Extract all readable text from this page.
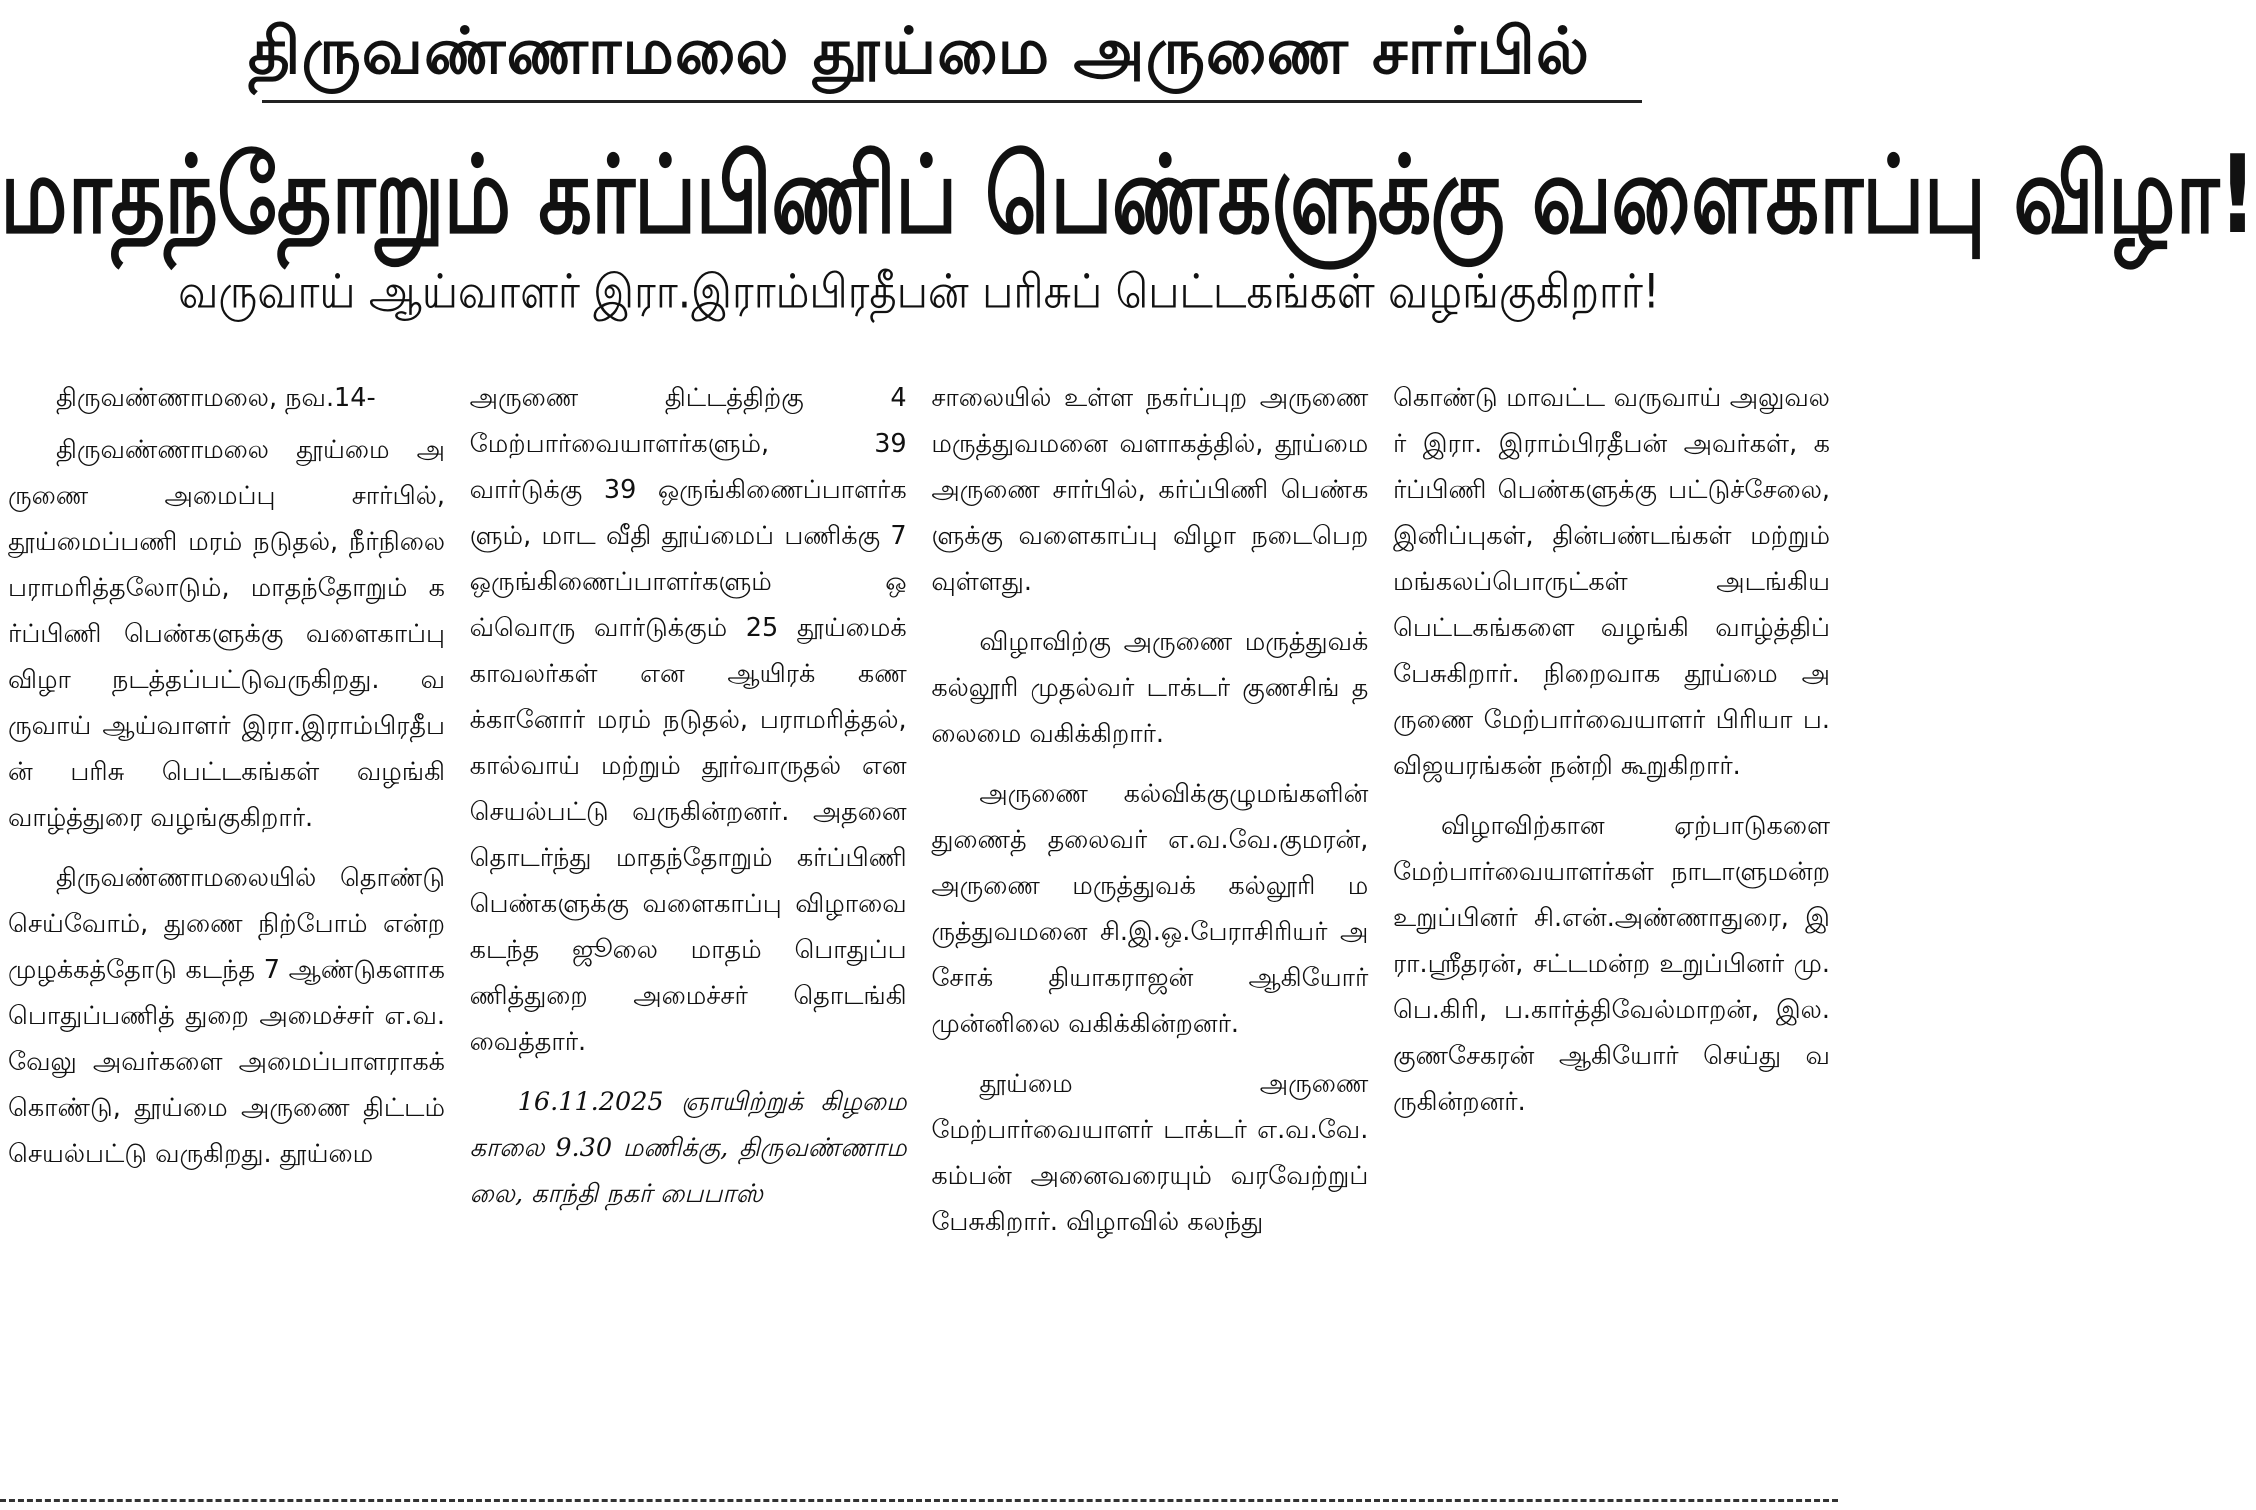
திருவண்ணாமலை தூய்மை அருணை சார்பில்
மாதந்தோறும் கர்ப்பிணிப் பெண்களுக்கு வளைகாப்பு விழா!
வருவாய் ஆய்வாளர் இரா.இராம்பிரதீபன் பரிசுப் பெட்டகங்கள் வழங்குகிறார்!

திருவண்ணாமலை, நவ.14-

திருவண்ணாமலை தூய்மை அருணை அமைப்பு சார்பில், தூய்மைப்பணி மரம் நடுதல், நீர்நிலை பராமரித்தலோடும், மாதந்தோறும் கர்ப்பிணி பெண்களுக்கு வளைகாப்பு விழா நடத்தப்பட்டுவருகிறது. வருவாய் ஆய்வாளர் இரா.இராம்பிரதீபன் பரிசு பெட்டகங்கள் வழங்கி வாழ்த்துரை வழங்குகிறார்.

திருவண்ணாமலையில் தொண்டு செய்வோம், துணை நிற்போம் என்ற முழக்கத்தோடு கடந்த 7 ஆண்டுகளாக பொதுப்பணித் துறை அமைச்சர் எ.வ.வேலு அவர்களை அமைப்பாளராகக் கொண்டு, தூய்மை அருணை திட்டம் செயல்பட்டு வருகிறது. தூய்மை

அருணை திட்டத்திற்கு 4 மேற்பார்வையாளர்களும், 39 வார்டுக்கு 39 ஒருங்கிணைப்பாளர்களும், மாட வீதி தூய்மைப் பணிக்கு 7 ஒருங்கிணைப்பாளர்களும் ஒவ்வொரு வார்டுக்கும் 25 தூய்மைக் காவலர்கள் என ஆயிரக் கணக்கானோர் மரம் நடுதல், பராமரித்தல், கால்வாய் மற்றும் தூர்வாருதல் என செயல்பட்டு வருகின்றனர். அதனை தொடர்ந்து மாதந்தோறும் கர்ப்பிணி பெண்களுக்கு வளைகாப்பு விழாவை கடந்த ஜூலை மாதம் பொதுப்பணித்துறை அமைச்சர் தொடங்கி வைத்தார்.

16.11.2025 ஞாயிற்றுக் கிழமை காலை 9.30 மணிக்கு, திருவண்ணாமலை, காந்தி நகர் பைபாஸ்

சாலையில் உள்ள நகர்ப்புற அருணை மருத்துவமனை வளாகத்தில், தூய்மை அருணை சார்பில், கர்ப்பிணி பெண்களுக்கு வளைகாப்பு விழா நடைபெறவுள்ளது.

விழாவிற்கு அருணை மருத்துவக் கல்லூரி முதல்வர் டாக்டர் குணசிங் தலைமை வகிக்கிறார்.

அருணை கல்விக்குழுமங்களின் துணைத் தலைவர் எ.வ.வே.குமரன், அருணை மருத்துவக் கல்லூரி மருத்துவமனை சி.இ.ஒ.பேராசிரியர் அசோக் தியாகராஜன் ஆகியோர் முன்னிலை வகிக்கின்றனர்.

தூய்மை அருணை மேற்பார்வையாளர் டாக்டர் எ.வ.வே.கம்பன் அனைவரையும் வரவேற்றுப் பேசுகிறார். விழாவில் கலந்து

கொண்டு மாவட்ட வருவாய் அலுவலர் இரா. இராம்பிரதீபன் அவர்கள், கர்ப்பிணி பெண்களுக்கு பட்டுச்சேலை, இனிப்புகள், தின்பண்டங்கள் மற்றும் மங்கலப்பொருட்கள் அடங்கிய பெட்டகங்களை வழங்கி வாழ்த்திப் பேசுகிறார். நிறைவாக தூய்மை அருணை மேற்பார்வையாளர் பிரியா ப.விஜயரங்கன் நன்றி கூறுகிறார்.

விழாவிற்கான ஏற்பாடுகளை மேற்பார்வையாளர்கள் நாடாளுமன்ற உறுப்பினர் சி.என்.அண்ணாதுரை, இரா.ஸ்ரீதரன், சட்டமன்ற உறுப்பினர் மு.பெ.கிரி, ப.கார்த்திவேல்மாறன், இல.குணசேகரன் ஆகியோர் செய்து வருகின்றனர்.
